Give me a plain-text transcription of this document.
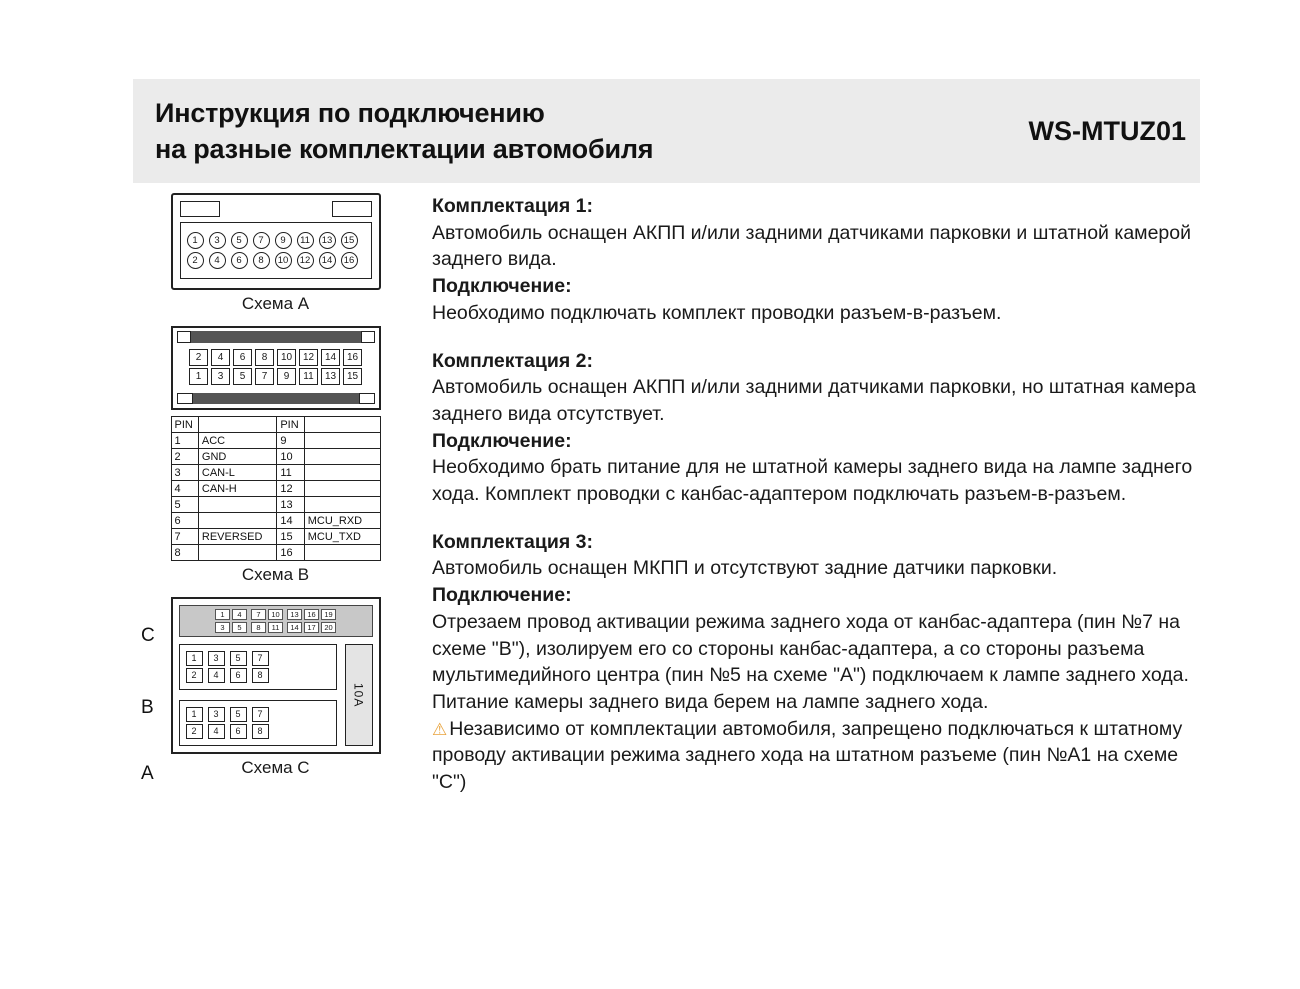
Инструкция по подключению
на разные комплектации автомобиля
WS-MTUZ01
1	3	5	7	9	11	13	15
2	4	6	8	10	12	14	16
Схема A
2	4	6	8	10	12	14	16
1	3	5	7	9	11	13	15
PIN		PIN	
1	ACC	9	
2	GND	10	
3	CAN-L	11	
4	CAN-H	12	
5		13	
6		14	MCU_RXD
7	REVERSED	15	MCU_TXD
8		16	
Схема B
C
B
A
1	4
3	5
7	10
8	11
13	16	19
14	17	20
1	3	5	7
2	4	6	8
1	3	5	7
2	4	6	8
10A
Схема C

Комплектация 1:

Автомобиль оснащен АКПП и/или задними датчиками парковки и штатной камерой заднего вида.

Подключение:

Необходимо подключать комплект проводки разъем-в-разъем.

Комплектация 2:

Автомобиль оснащен АКПП и/или задними датчиками парковки, но штатная камера заднего вида отсутствует.

Подключение:

Необходимо брать питание для не штатной камеры заднего вида на лампе заднего хода. Комплект проводки с канбас-адаптером подключать разъем-в-разъем.

Комплектация 3:

Автомобиль оснащен МКПП и отсутствуют задние датчики парковки.

Подключение:

Отрезаем провод активации режима заднего хода от канбас-адаптера (пин №7 на схеме "B"), изолируем его со стороны канбас-адаптера, а со стороны разъема мультимедийного центра (пин №5 на схеме "A") подключаем к лампе заднего хода. Питание камеры заднего вида берем на лампе заднего хода.

⚠ Независимо от комплектации автомобиля, запрещено подключаться к штатному проводу активации режима заднего хода на штатном разъеме (пин №A1 на схеме "C")
